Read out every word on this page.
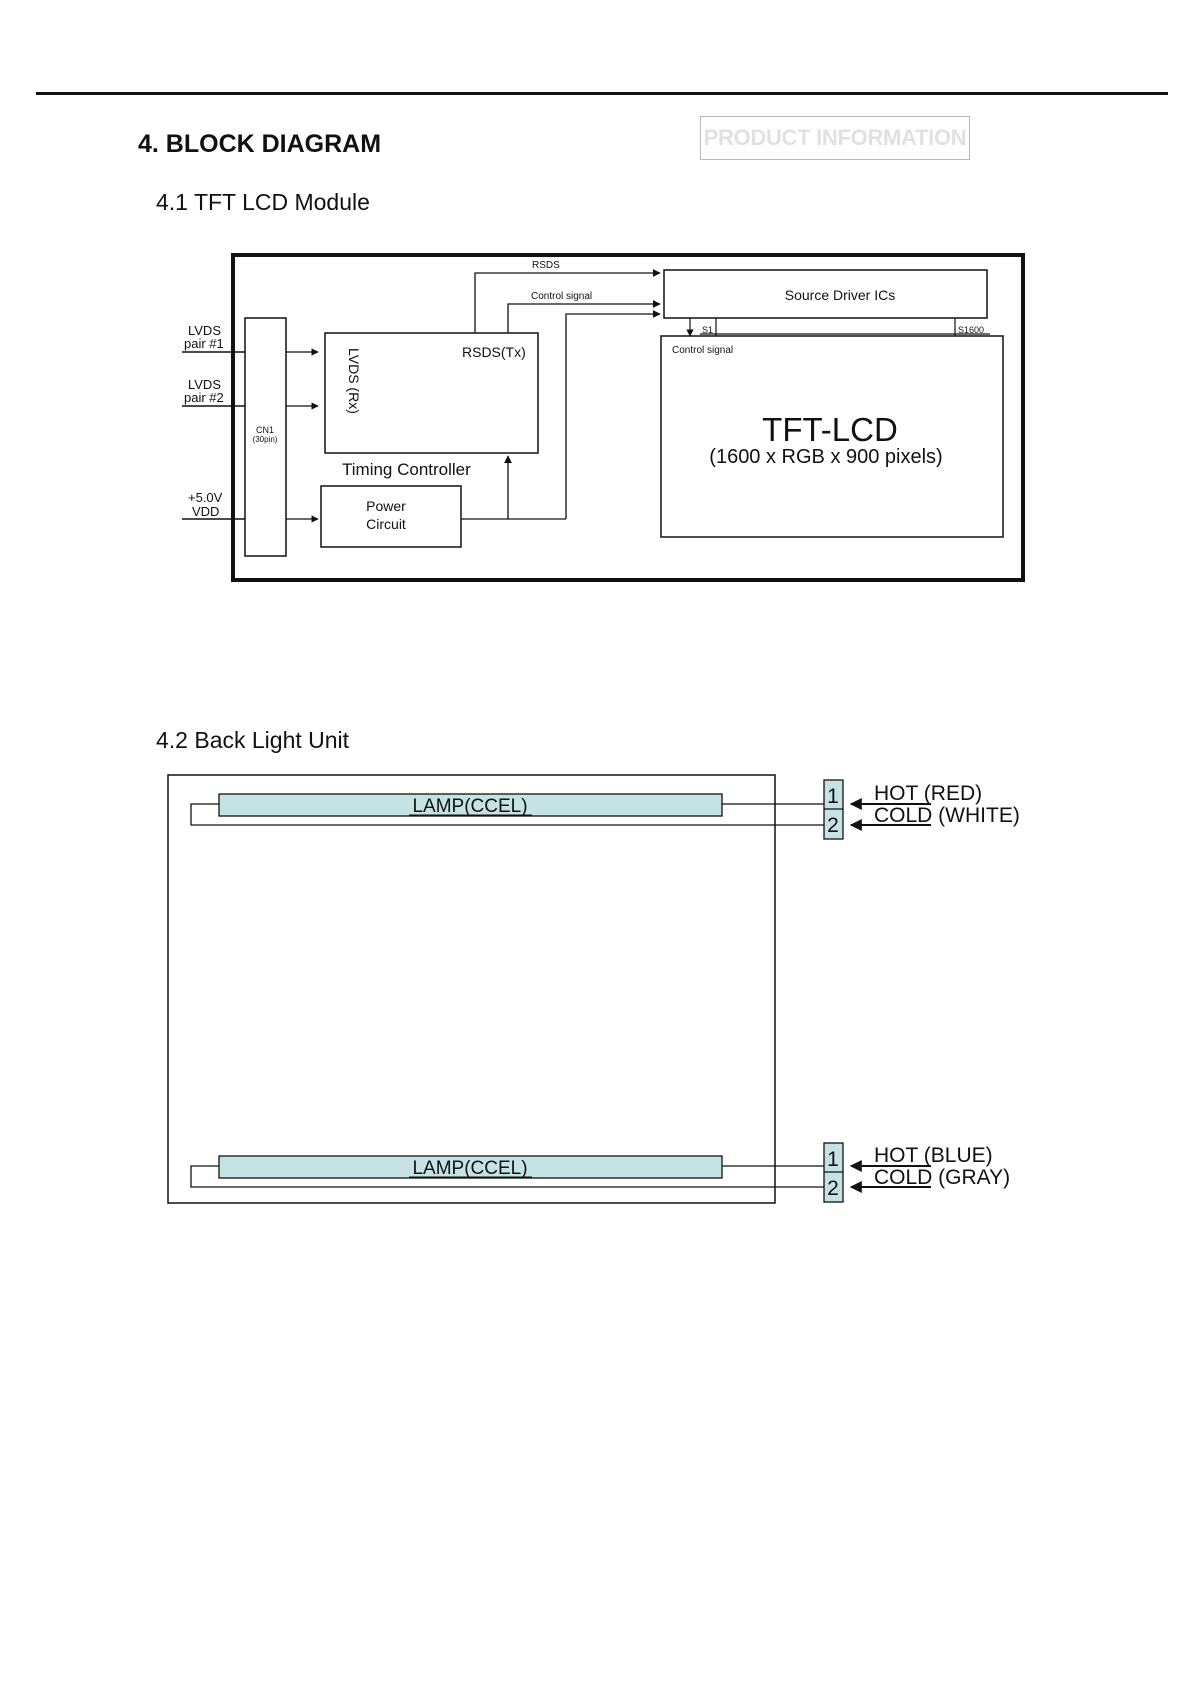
4. BLOCK DIAGRAM	PRODUCT INFORMATION
4.1 TFT LCD Module
4.2 Back Light Unit
LVDS
pair #1
LVDS
pair #2
+5.0V
VDD
CN1
(30pin)
LVDS (Rx)	RSDS(Tx)
Timing Controller
Power
Circuit
RSDS
Control signal	Source Driver ICs
S1	S1600
Control signal
TFT-LCD
(1600 x RGB x 900 pixels)
LAMP(CCEL)	1
2
HOT (RED)
COLD (WHITE)
LAMP(CCEL)	1
2
HOT (BLUE)
COLD (GRAY)
